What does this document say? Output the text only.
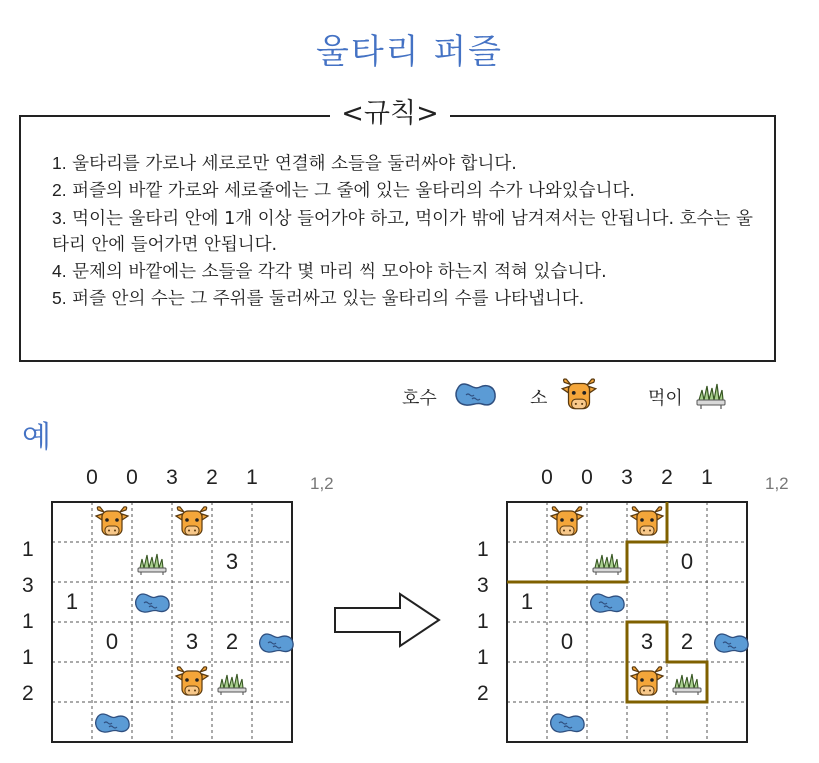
울타리 퍼즐
<규칙>
1. 울타리를 가로나 세로로만 연결해 소들을 둘러싸야 합니다.
2. 퍼즐의 바깥 가로와 세로줄에는 그 줄에 있는 울타리의 수가 나와있습니다.
3. 먹이는 울타리 안에 1개 이상 들어가야 하고, 먹이가 밖에 남겨져서는 안됩니다. 호수는 울타리 안에 들어가면 안됩니다.
4. 문제의 바깥에는 소들을 각각 몇 마리 씩 모아야 하는지 적혀 있습니다.
5. 퍼즐 안의 수는 그 주위를 둘러싸고 있는 울타리의 수를 나타냅니다.
호수	소	먹이
예
0	0	3	2	1
1
3
1
1
2
1,2
3
1
0	3	2
0	0	3	2	1
1
3
1
1
2
1,2
0
1
0	3	2
